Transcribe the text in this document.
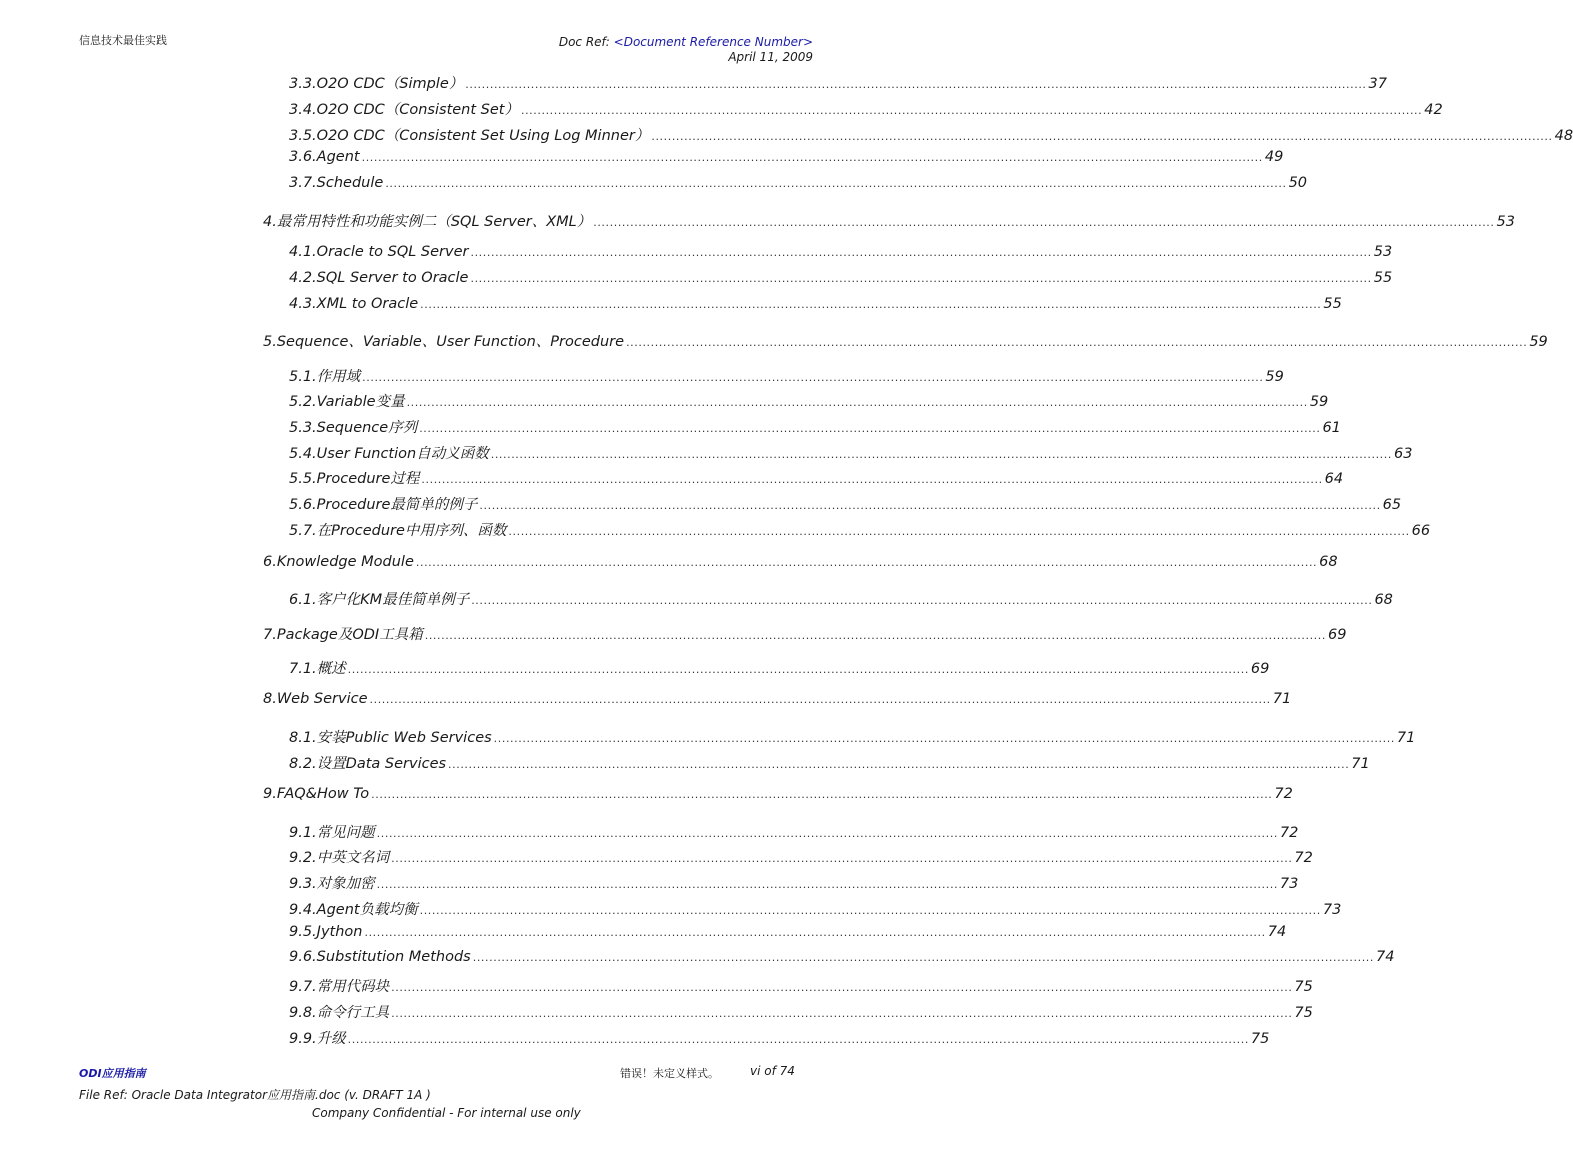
信息技术最佳实践	Doc Ref: <Document Reference Number>
April 11, 2009
3.3. O2O CDC（Simple） ............................................................................................................................................................................................................................ 37
3.4. O2O CDC（Consistent Set） ............................................................................................................................................................................................................................ 42
3.5. O2O CDC（Consistent Set Using Log Minner） ............................................................................................................................................................................................................................ 48
3.6. Agent ............................................................................................................................................................................................................................ 49
3.7. Schedule ............................................................................................................................................................................................................................ 50
4. 最常用特性和功能实例二（SQL Server、XML） ............................................................................................................................................................................................................................ 53
4.1. Oracle to SQL Server ............................................................................................................................................................................................................................ 53
4.2. SQL Server to Oracle ............................................................................................................................................................................................................................ 55
4.3. XML to Oracle ............................................................................................................................................................................................................................ 55
5. Sequence、Variable、User Function、Procedure ............................................................................................................................................................................................................................ 59
5.1. 作用域 ............................................................................................................................................................................................................................ 59
5.2. Variable变量 ............................................................................................................................................................................................................................ 59
5.3. Sequence序列 ............................................................................................................................................................................................................................ 61
5.4. User Function自动义函数 ............................................................................................................................................................................................................................ 63
5.5. Procedure过程 ............................................................................................................................................................................................................................ 64
5.6. Procedure最简单的例子 ............................................................................................................................................................................................................................ 65
5.7. 在Procedure中用序列、函数 ............................................................................................................................................................................................................................ 66
6. Knowledge Module ............................................................................................................................................................................................................................ 68
6.1. 客户化KM最佳简单例子 ............................................................................................................................................................................................................................ 68
7. Package及ODI工具箱 ............................................................................................................................................................................................................................ 69
7.1. 概述 ............................................................................................................................................................................................................................ 69
8. Web Service ............................................................................................................................................................................................................................ 71
8.1. 安装Public Web Services ............................................................................................................................................................................................................................ 71
8.2. 设置Data Services ............................................................................................................................................................................................................................ 71
9. FAQ&How To ............................................................................................................................................................................................................................ 72
9.1. 常见问题 ............................................................................................................................................................................................................................ 72
9.2. 中英文名词 ............................................................................................................................................................................................................................ 72
9.3. 对象加密 ............................................................................................................................................................................................................................ 73
9.4. Agent负载均衡 ............................................................................................................................................................................................................................ 73
9.5. Jython ............................................................................................................................................................................................................................ 74
9.6. Substitution Methods ............................................................................................................................................................................................................................ 74
9.7. 常用代码块 ............................................................................................................................................................................................................................ 75
9.8. 命令行工具 ............................................................................................................................................................................................................................ 75
9.9. 升级 ............................................................................................................................................................................................................................ 75
ODI应用指南	错误！未定义样式。	vi of 74
File Ref: Oracle Data Integrator应用指南.doc (v. DRAFT 1A )
Company Confidential - For internal use only
